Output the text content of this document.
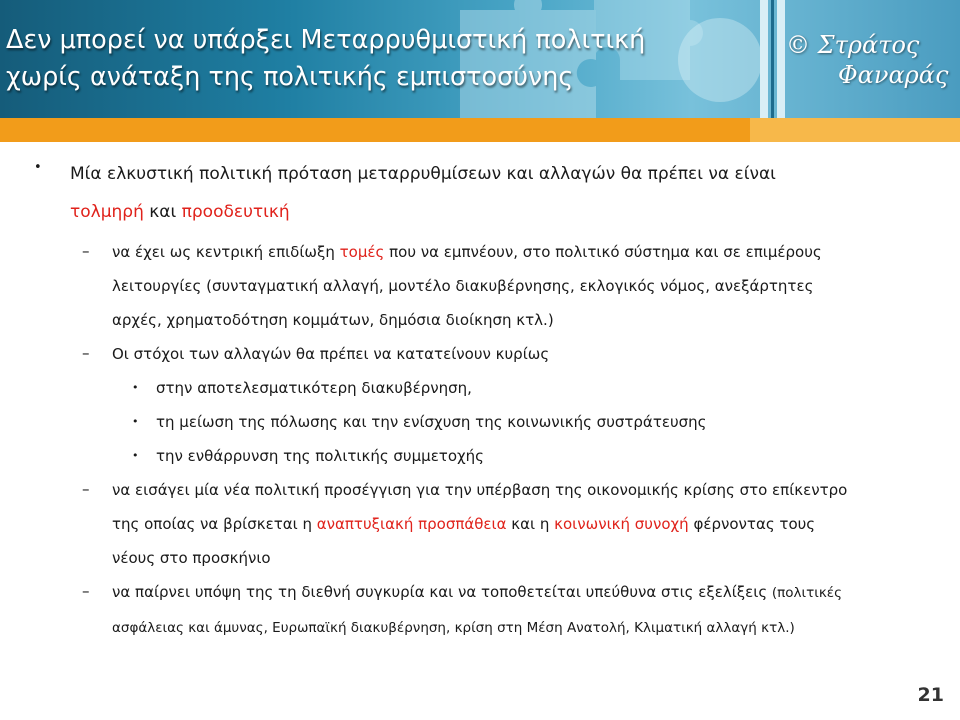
Δεν μπορεί να υπάρξει Μεταρρυθμιστική πολιτική
χωρίς ανάταξη της πολιτικής εμπιστοσύνης
© Στράτος
Φαναράς
• Μία ελκυστική πολιτική πρόταση μεταρρυθμίσεων και αλλαγών θα πρέπει να είναι
τολμηρή και προοδευτική
– να έχει ως κεντρική επιδίωξη τομές που να εμπνέουν, στο πολιτικό σύστημα και σε επιμέρους
λειτουργίες (συνταγματική αλλαγή, μοντέλο διακυβέρνησης, εκλογικός νόμος, ανεξάρτητες
αρχές, χρηματοδότηση κομμάτων, δημόσια διοίκηση κτλ.)
– Οι στόχοι των αλλαγών θα πρέπει να κατατείνουν κυρίως
• στην αποτελεσματικότερη διακυβέρνηση,
• τη μείωση της πόλωσης και την ενίσχυση της κοινωνικής συστράτευσης
• την ενθάρρυνση της πολιτικής συμμετοχής
– να εισάγει μία νέα πολιτική προσέγγιση για την υπέρβαση της οικονομικής κρίσης στο επίκεντρο
της οποίας να βρίσκεται η αναπτυξιακή προσπάθεια και η κοινωνική συνοχή φέρνοντας τους
νέους στο προσκήνιο
– να παίρνει υπόψη της τη διεθνή συγκυρία και να τοποθετείται υπεύθυνα στις εξελίξεις (πολιτικές
ασφάλειας και άμυνας, Ευρωπαϊκή διακυβέρνηση, κρίση στη Μέση Ανατολή, Κλιματική αλλαγή κτλ.)
21
